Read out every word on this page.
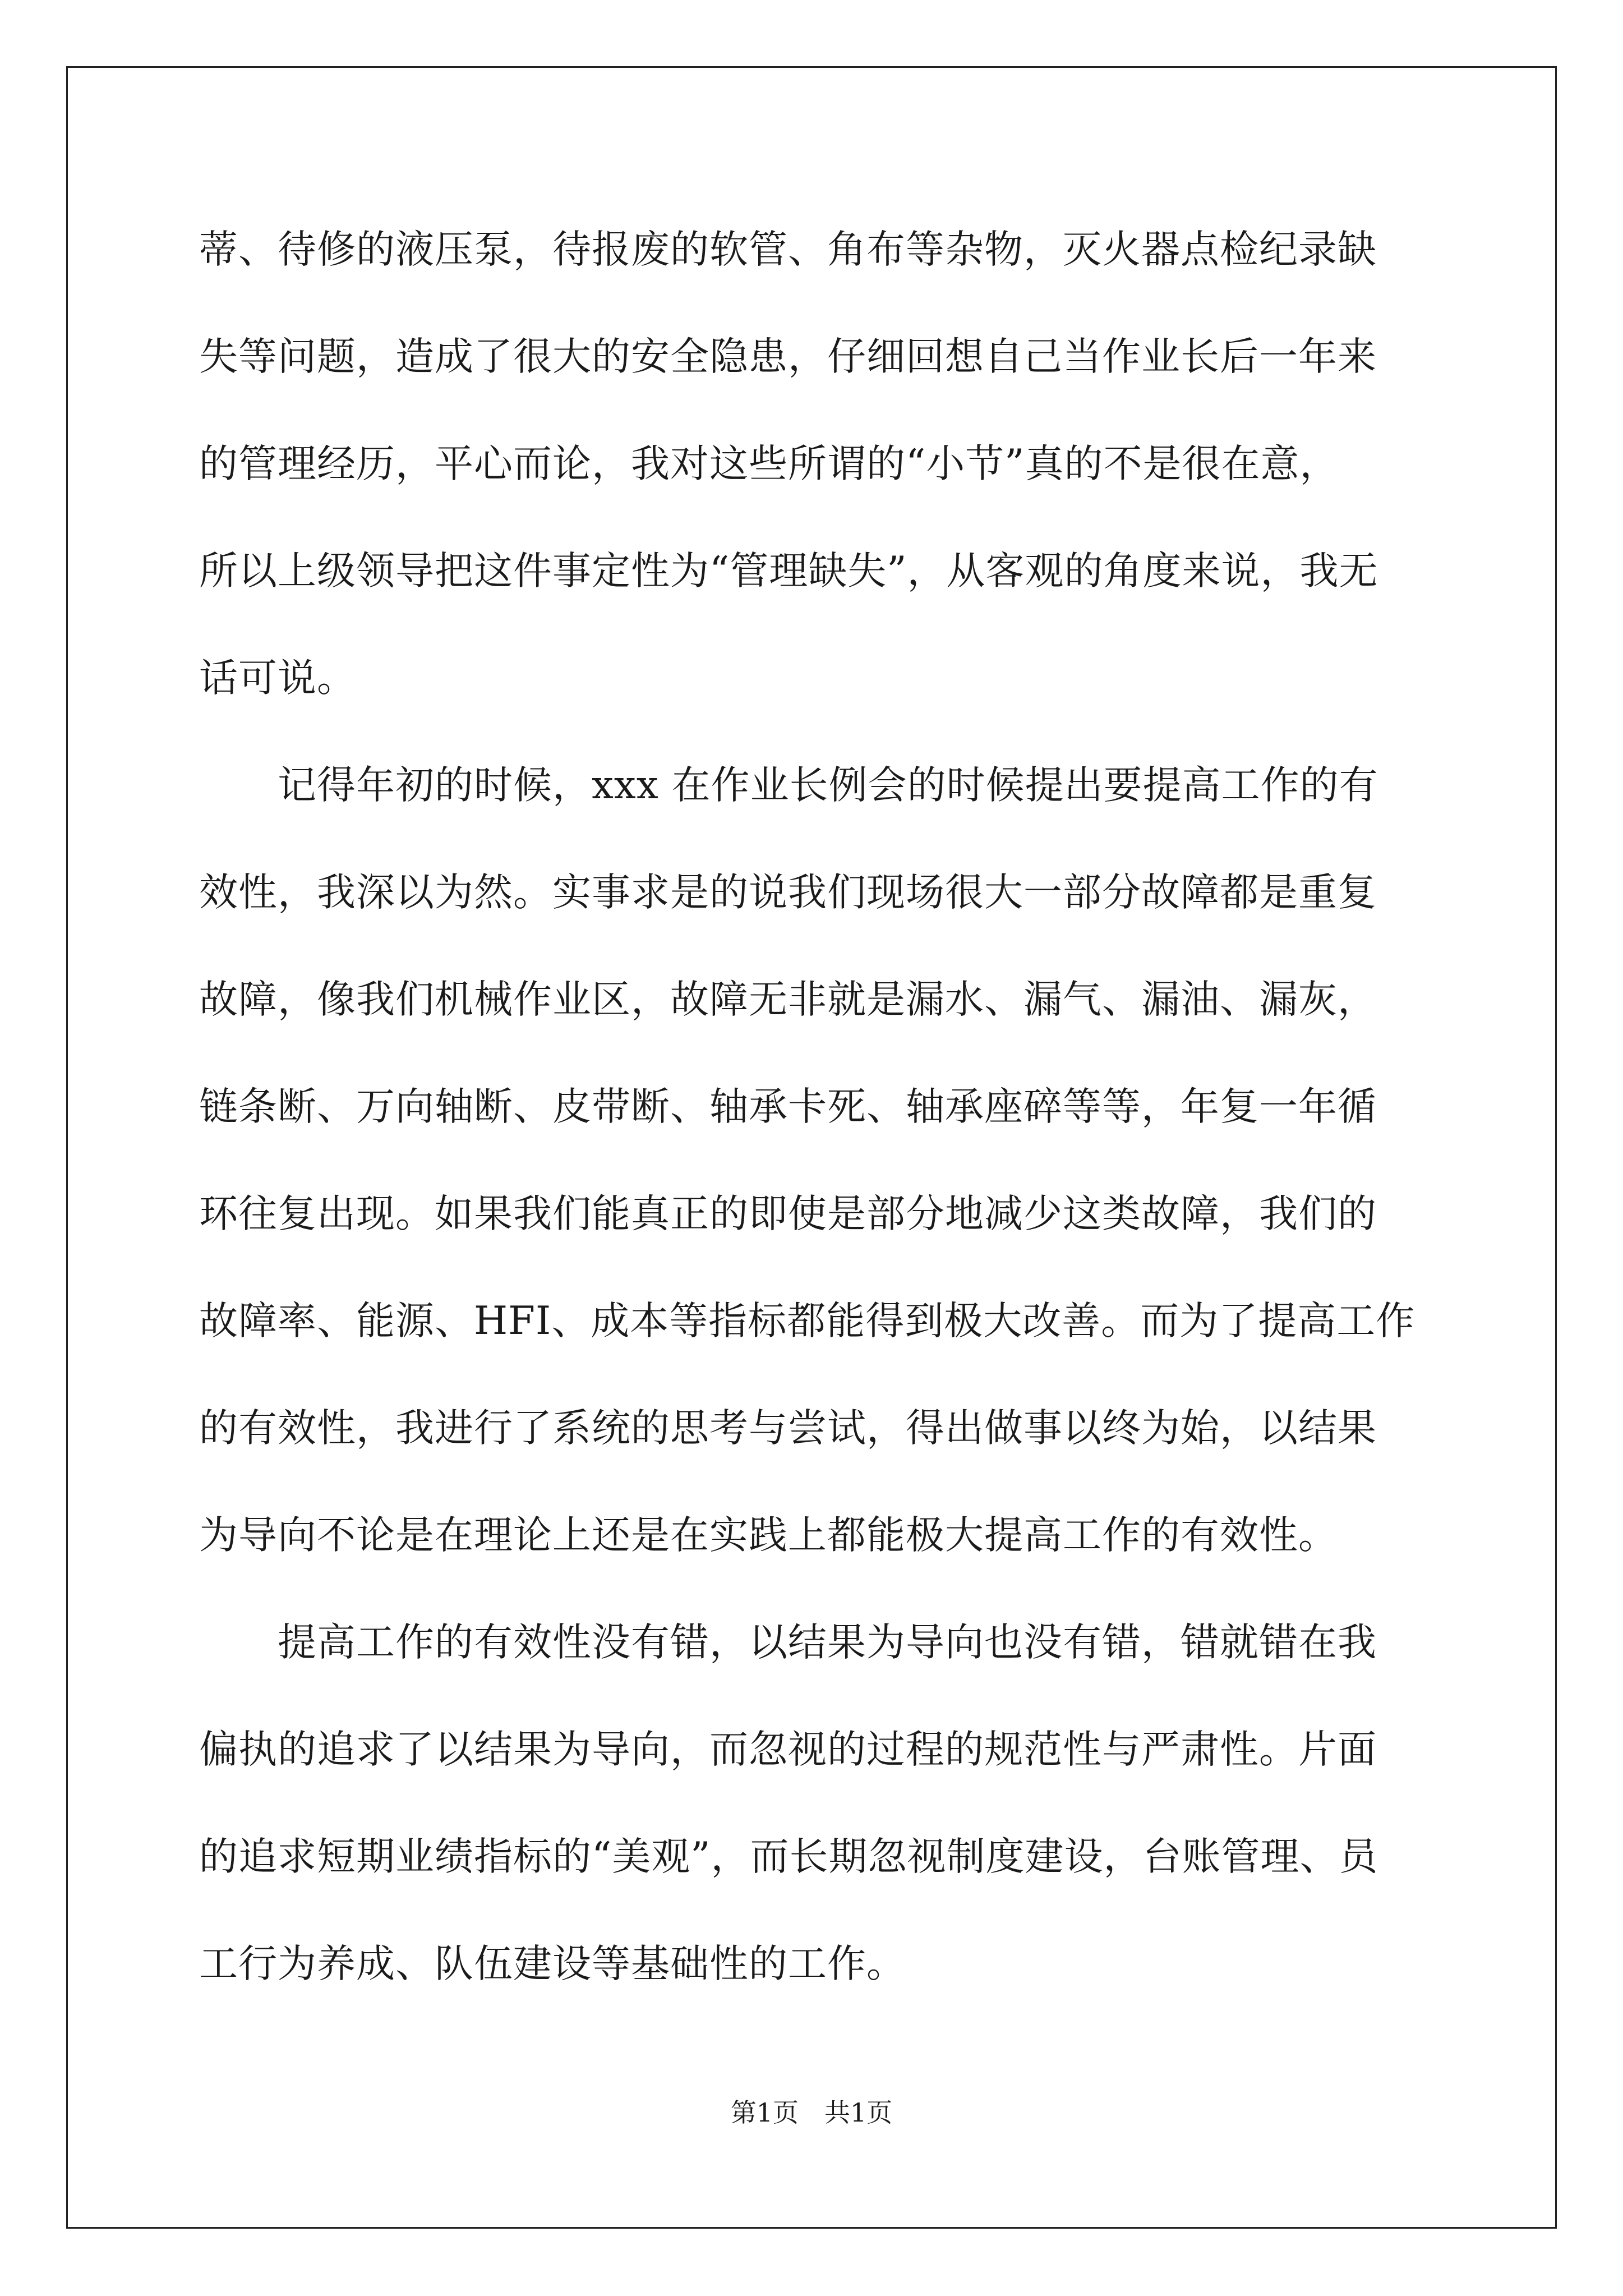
蒂、待修的液压泵，待报废的软管、角布等杂物，灭火器点检纪录缺
失等问题，造成了很大的安全隐患，仔细回想自己当作业长后一年来
的管理经历，平心而论，我对这些所谓的“小节”真的不是很在意，
所以上级领导把这件事定性为“管理缺失”，从客观的角度来说，我无
话可说。
记得年初的时候，xxx 在作业长例会的时候提出要提高工作的有
效性，我深以为然。实事求是的说我们现场很大一部分故障都是重复
故障，像我们机械作业区，故障无非就是漏水、漏气、漏油、漏灰，
链条断、万向轴断、皮带断、轴承卡死、轴承座碎等等，年复一年循
环往复出现。如果我们能真正的即使是部分地减少这类故障，我们的
故障率、能源、HFI、成本等指标都能得到极大改善。而为了提高工作
的有效性，我进行了系统的思考与尝试，得出做事以终为始，以结果
为导向不论是在理论上还是在实践上都能极大提高工作的有效性。
提高工作的有效性没有错，以结果为导向也没有错，错就错在我
偏执的追求了以结果为导向，而忽视的过程的规范性与严肃性。片面
的追求短期业绩指标的“美观”，而长期忽视制度建设，台账管理、员
工行为养成、队伍建设等基础性的工作。
第1页　共1页
